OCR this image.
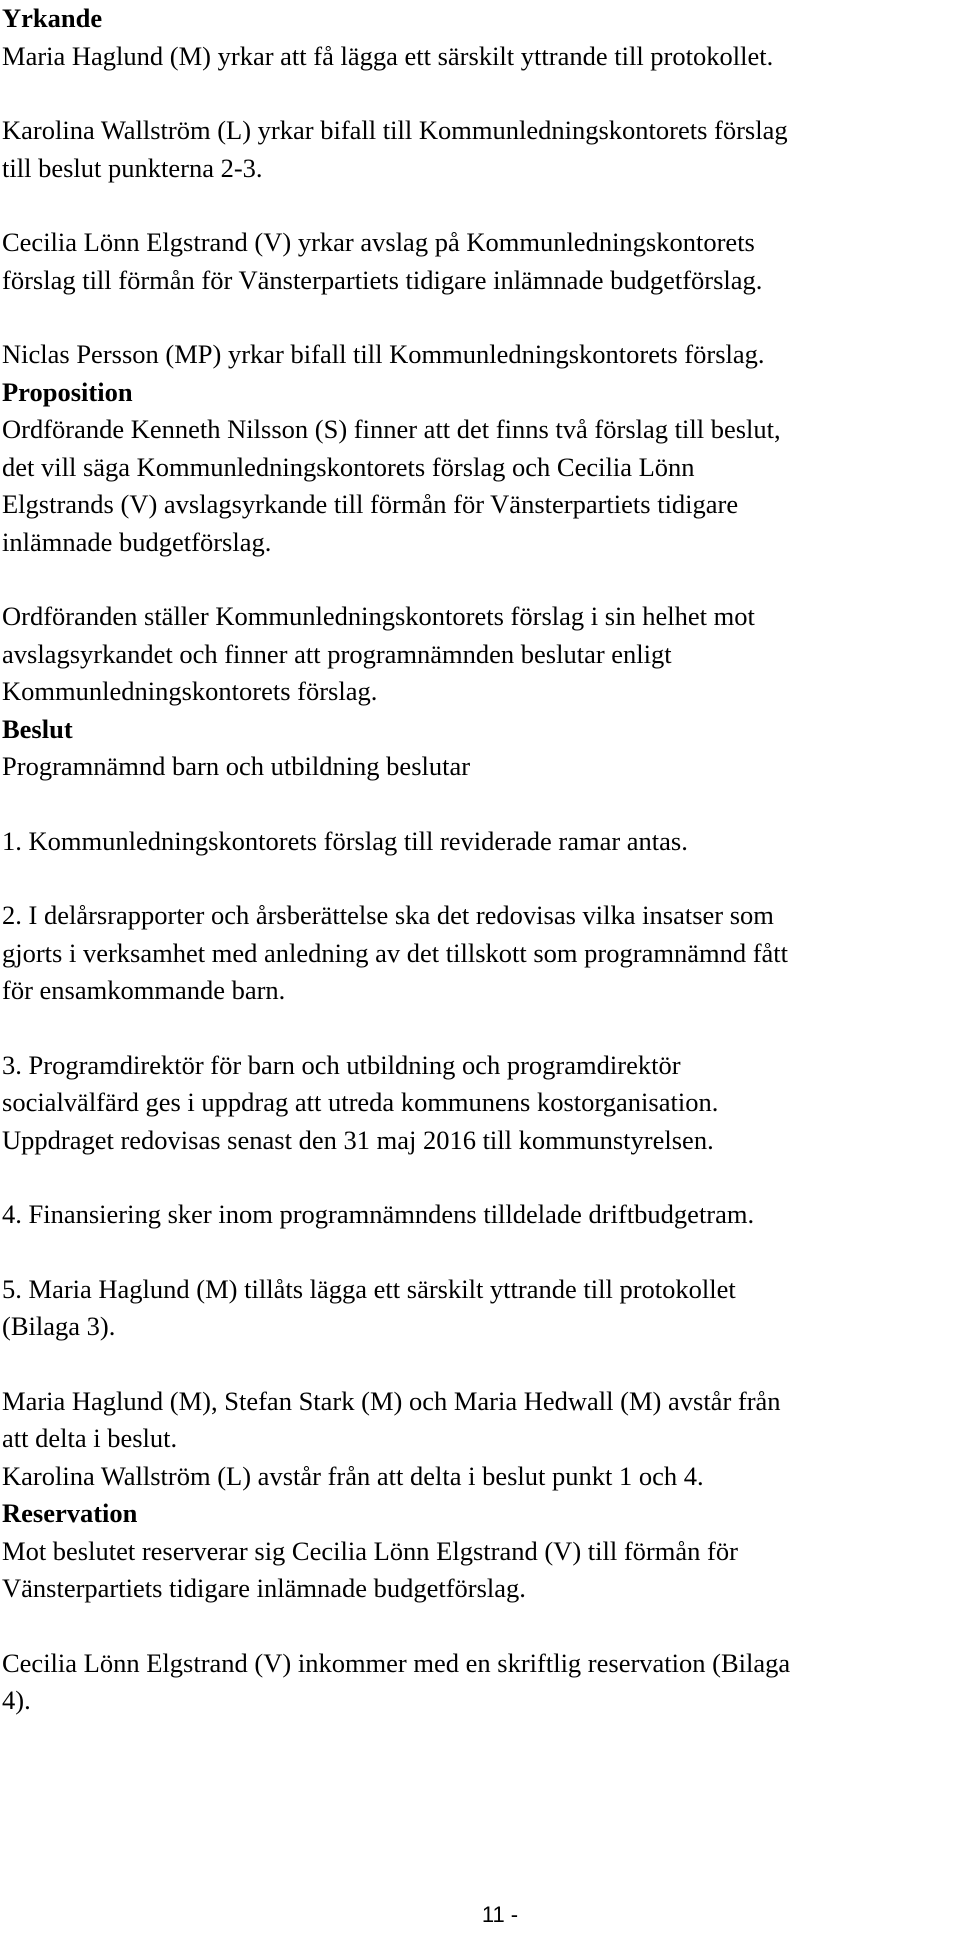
Yrkande

Maria Haglund (M) yrkar att få lägga ett särskilt yttrande till protokollet.

Karolina Wallström (L) yrkar bifall till Kommunledningskontorets förslag

till beslut punkterna 2-3.

Cecilia Lönn Elgstrand (V) yrkar avslag på Kommunledningskontorets

förslag till förmån för Vänsterpartiets tidigare inlämnade budgetförslag.

Niclas Persson (MP) yrkar bifall till Kommunledningskontorets förslag.

Proposition

Ordförande Kenneth Nilsson (S) finner att det finns två förslag till beslut,

det vill säga Kommunledningskontorets förslag och Cecilia Lönn

Elgstrands (V) avslagsyrkande till förmån för Vänsterpartiets tidigare

inlämnade budgetförslag.

Ordföranden ställer Kommunledningskontorets förslag i sin helhet mot

avslagsyrkandet och finner att programnämnden beslutar enligt

Kommunledningskontorets förslag.

Beslut

Programnämnd barn och utbildning beslutar

1. Kommunledningskontorets förslag till reviderade ramar antas.

2. I delårsrapporter och årsberättelse ska det redovisas vilka insatser som

gjorts i verksamhet med anledning av det tillskott som programnämnd fått

för ensamkommande barn.

3. Programdirektör för barn och utbildning och programdirektör

socialvälfärd ges i uppdrag att utreda kommunens kostorganisation.

Uppdraget redovisas senast den 31 maj 2016 till kommunstyrelsen.

4. Finansiering sker inom programnämndens tilldelade driftbudgetram.

5. Maria Haglund (M) tillåts lägga ett särskilt yttrande till protokollet

(Bilaga 3).

Maria Haglund (M), Stefan Stark (M) och Maria Hedwall (M) avstår från

att delta i beslut.

Karolina Wallström (L) avstår från att delta i beslut punkt 1 och 4.

Reservation

Mot beslutet reserverar sig Cecilia Lönn Elgstrand (V) till förmån för

Vänsterpartiets tidigare inlämnade budgetförslag.

Cecilia Lönn Elgstrand (V) inkommer med en skriftlig reservation (Bilaga

4).

11 -
